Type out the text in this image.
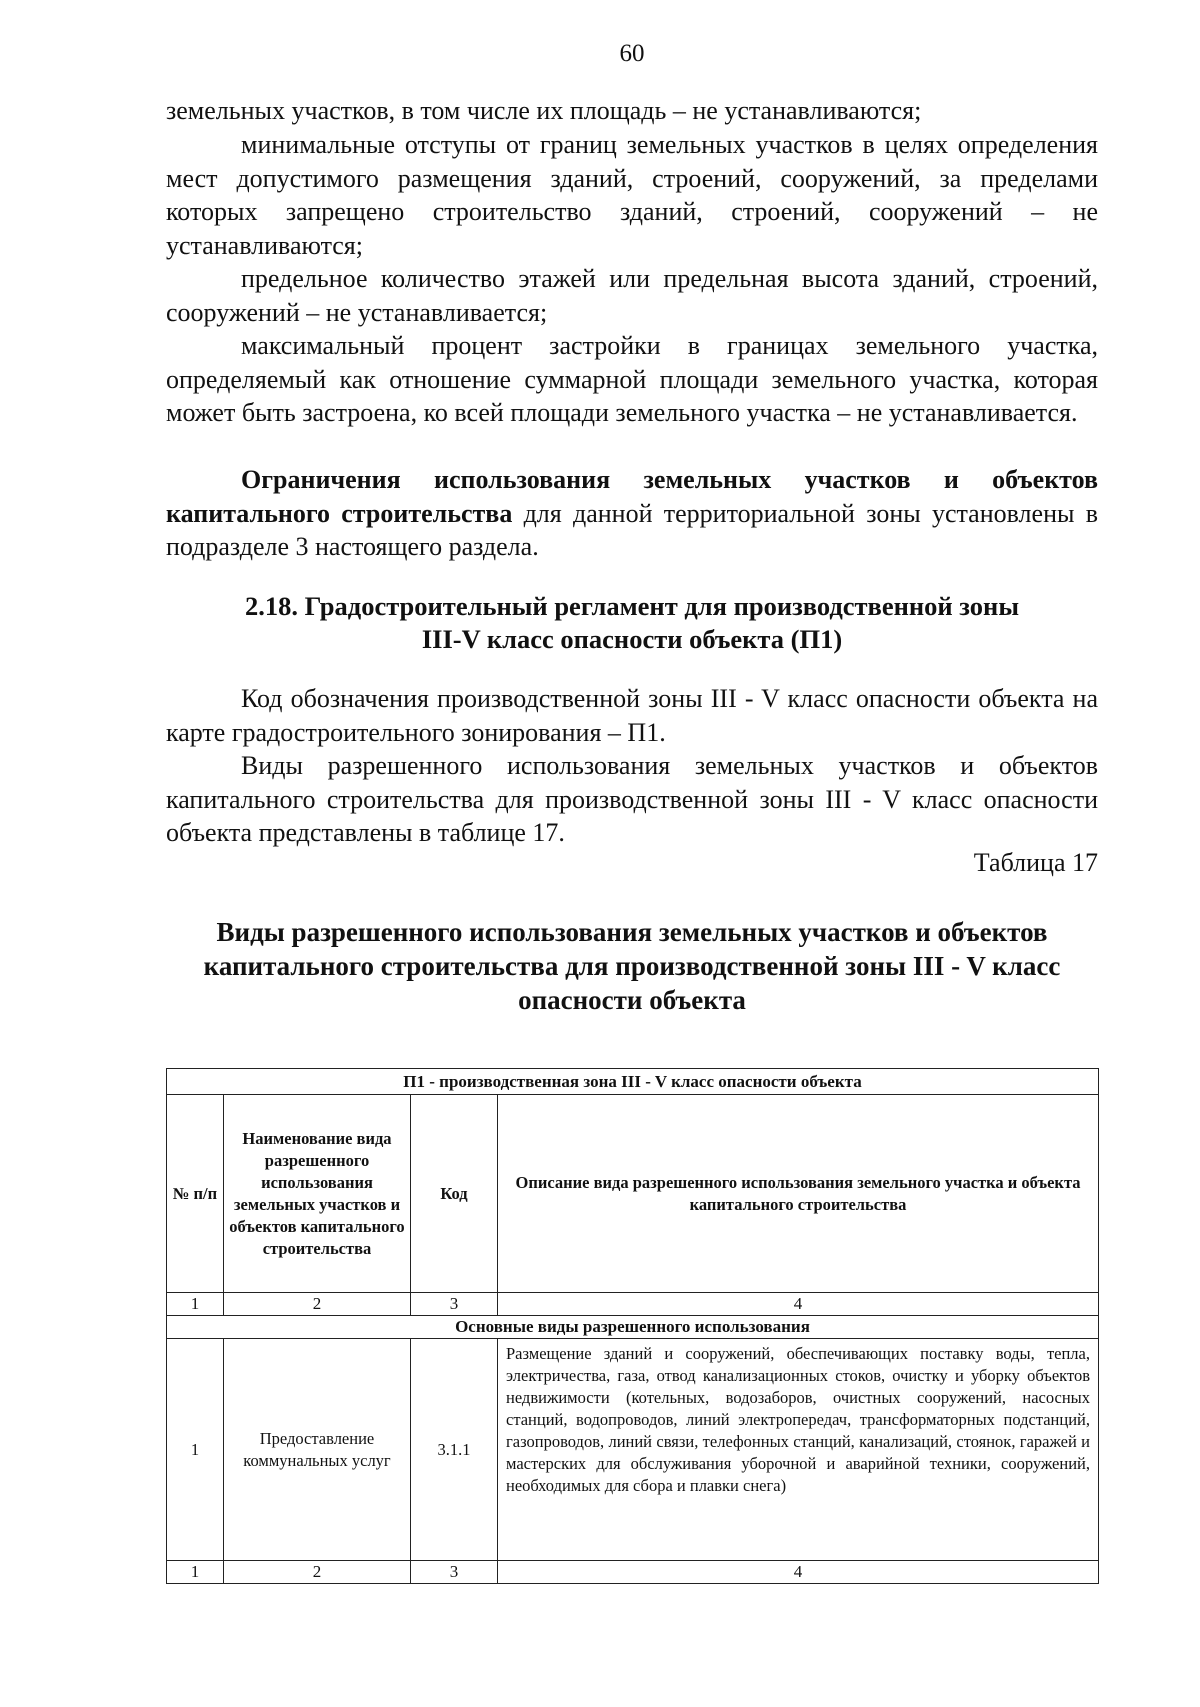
60
земельных участков, в том числе их площадь – не устанавливаются;
минимальные отступы от границ земельных участков в целях определения мест допустимого размещения зданий, строений, сооружений, за пределами которых запрещено строительство зданий, строений, сооружений – не устанавливаются;
предельное количество этажей или предельная высота зданий, строений, сооружений – не устанавливается;
максимальный процент застройки в границах земельного участка, определяемый как отношение суммарной площади земельного участка, которая может быть застроена, ко всей площади земельного участка – не устанавливается.
Ограничения использования земельных участков и объектов капитального строительства для данной территориальной зоны установлены в подразделе 3 настоящего раздела.
2.18. Градостроительный регламент для производственной зоны
III-V класс опасности объекта (П1)
Код обозначения производственной зоны III - V класс опасности объекта на карте градостроительного зонирования – П1.
Виды разрешенного использования земельных участков и объектов капитального строительства для производственной зоны III - V класс опасности объекта представлены в таблице 17.
Таблица 17
Виды разрешенного использования земельных участков и объектов
капитального строительства для производственной зоны III - V класс
опасности объекта
П1 - производственная зона III - V класс опасности объекта			
№ п/п	Наименование вида разрешенного использования земельных участков и объектов капитального строительства	Код	Описание вида разрешенного использования земельного участка и объекта капитального строительства
1	2	3	4
Основные виды разрешенного использования			
1	Предоставление коммунальных услуг	3.1.1	Размещение зданий и сооружений, обеспечивающих поставку воды, тепла, электричества, газа, отвод канализационных стоков, очистку и уборку объектов недвижимости (котельных, водозаборов, очистных сооружений, насосных станций, водопроводов, линий электропередач, трансформаторных подстанций, газопроводов, линий связи, телефонных станций, канализаций, стоянок, гаражей и мастерских для обслуживания уборочной и аварийной техники, сооружений, необходимых для сбора и плавки снега)
1	2	3	4
